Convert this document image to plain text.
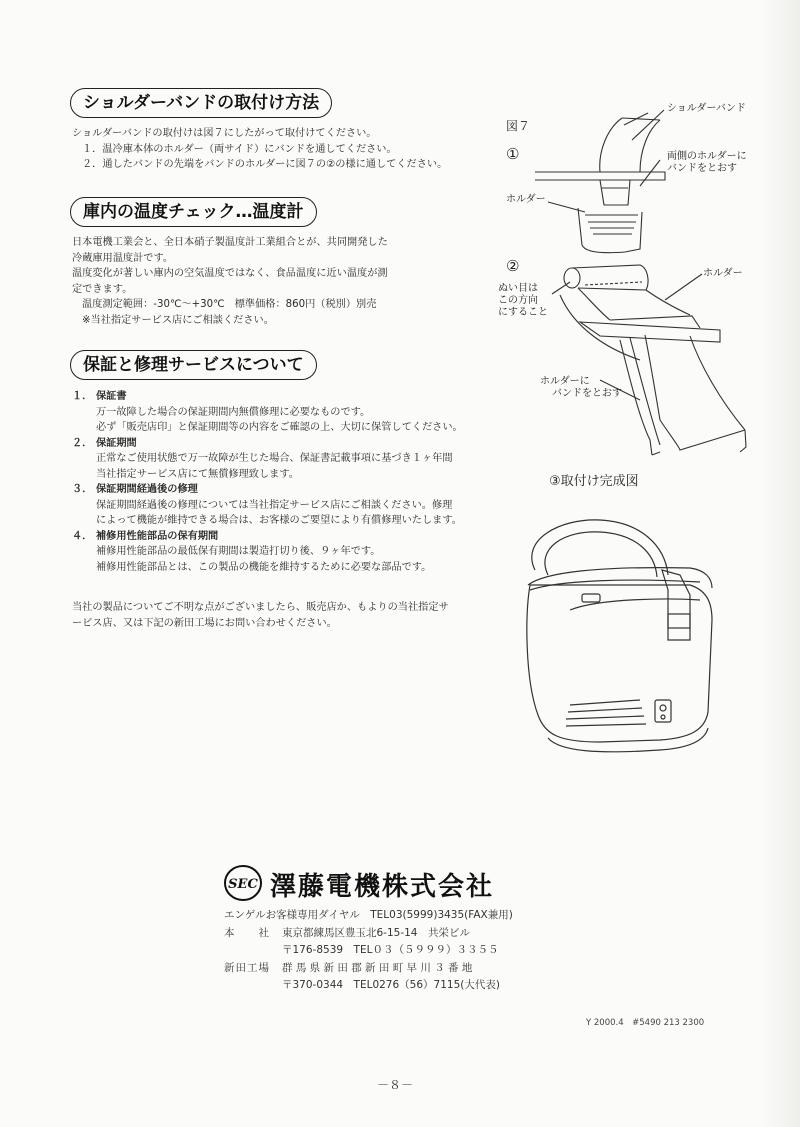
ショルダーバンドの取付け方法
ショルダーバンドの取付けは図７にしたがって取付けてください。
１．温冷庫本体のホルダー（両サイド）にバンドを通してください。
２．通したバンドの先端をバンドのホルダーに図７の②の様に通してください。
庫内の温度チェック…温度計
日本電機工業会と、全日本硝子製温度計工業組合とが、共同開発した
冷蔵庫用温度計です。
温度変化が著しい庫内の空気温度ではなく、食品温度に近い温度が測
定できます。
温度測定範囲：-30℃～+30℃　標準価格：860円（税別）別売
※当社指定サービス店にご相談ください。
保証と修理サービスについて
１． 保証書
万一故障した場合の保証期間内無償修理に必要なものです。
必ず「販売店印」と保証期間等の内容をご確認の上、大切に保管してください。
２． 保証期間
正常なご使用状態で万一故障が生じた場合、保証書記載事項に基づき１ヶ年間
当社指定サービス店にて無償修理致します。
３． 保証期間経過後の修理
保証期間経過後の修理については当社指定サービス店にご相談ください。修理
によって機能が維持できる場合は、お客様のご要望により有償修理いたします。
４． 補修用性能部品の保有期間
補修用性能部品の最低保有期間は製造打切り後、９ヶ年です。
補修用性能部品とは、この製品の機能を維持するために必要な部品です。
当社の製品についてご不明な点がございましたら、販売店か、もよりの当社指定サ
ービス店、又は下記の新田工場にお問い合わせください。
図７
①
ショルダーバンド
両側のホルダーに
バンドをとおす
ホルダー
②
ぬい目は
この方向
にすること
ホルダー
ホルダーに
バンドをとおす
③取付け完成図
SEC 澤藤電機株式会社
エンゲルお客様専用ダイヤル　TEL03(5999)3435(FAX兼用)
本　　社 東京都練馬区豊玉北6-15-14　共栄ビル
〒176-8539　TEL０３（５９９９）３３５５
新田工場 群 馬 県 新 田 郡 新 田 町 早 川 ３ 番 地
〒370-0344　TEL0276（56）7115(大代表)
Y 2000.4　#5490 213 2300
－８－
